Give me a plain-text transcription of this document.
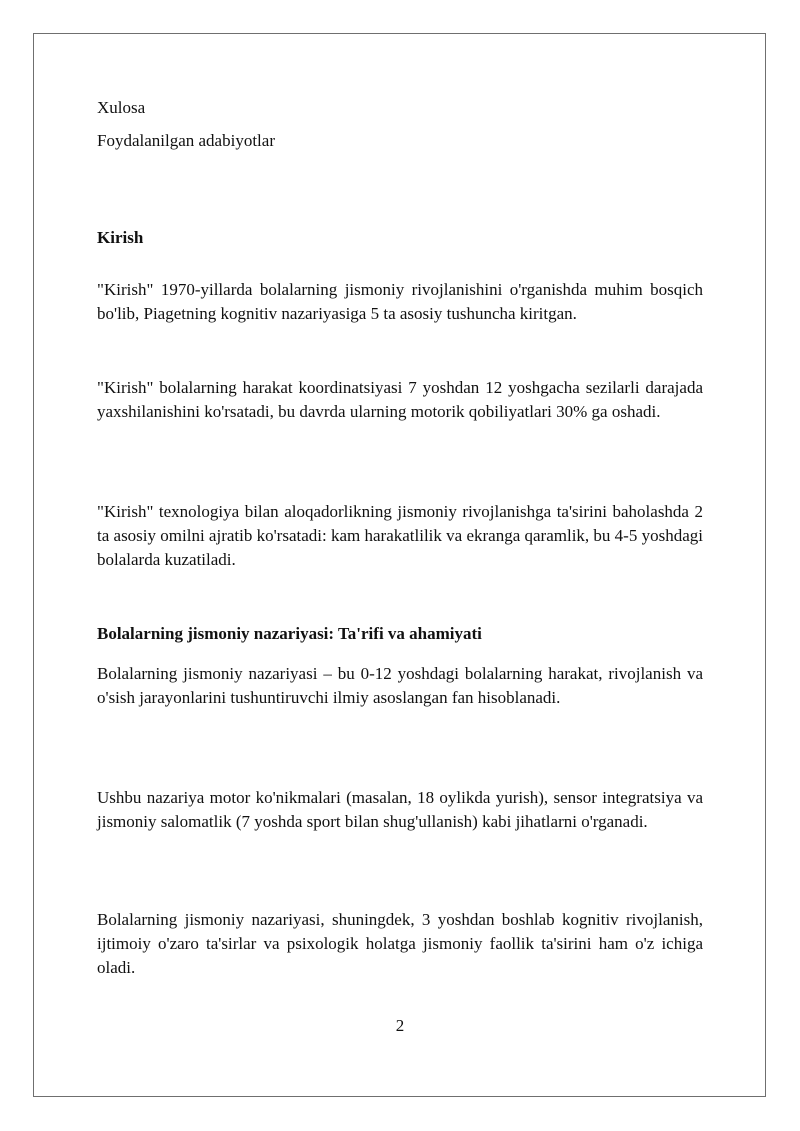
Xulosa
Foydalanilgan adabiyotlar
Kirish

"Kirish" 1970-yillarda bolalarning jismoniy rivojlanishini o'rganishda muhim bosqich bo'lib, Piagetning kognitiv nazariyasiga 5 ta asosiy tushuncha kiritgan.

"Kirish" bolalarning harakat koordinatsiyasi 7 yoshdan 12 yoshgacha sezilarli darajada yaxshilanishini ko'rsatadi, bu davrda ularning motorik qobiliyatlari 30% ga oshadi.

"Kirish" texnologiya bilan aloqadorlikning jismoniy rivojlanishga ta'sirini baholashda 2 ta asosiy omilni ajratib ko'rsatadi: kam harakatlilik va ekranga qaramlik, bu 4-5 yoshdagi bolalarda kuzatiladi.

Bolalarning jismoniy nazariyasi: Ta'rifi va ahamiyati

Bolalarning jismoniy nazariyasi – bu 0-12 yoshdagi bolalarning harakat, rivojlanish va o'sish jarayonlarini tushuntiruvchi ilmiy asoslangan fan hisoblanadi.

Ushbu nazariya motor ko'nikmalari (masalan, 18 oylikda yurish), sensor integratsiya va jismoniy salomatlik (7 yoshda sport bilan shug'ullanish) kabi jihatlarni o'rganadi.

Bolalarning jismoniy nazariyasi, shuningdek, 3 yoshdan boshlab kognitiv rivojlanish, ijtimoiy o'zaro ta'sirlar va psixologik holatga jismoniy faollik ta'sirini ham o'z ichiga oladi.

2
